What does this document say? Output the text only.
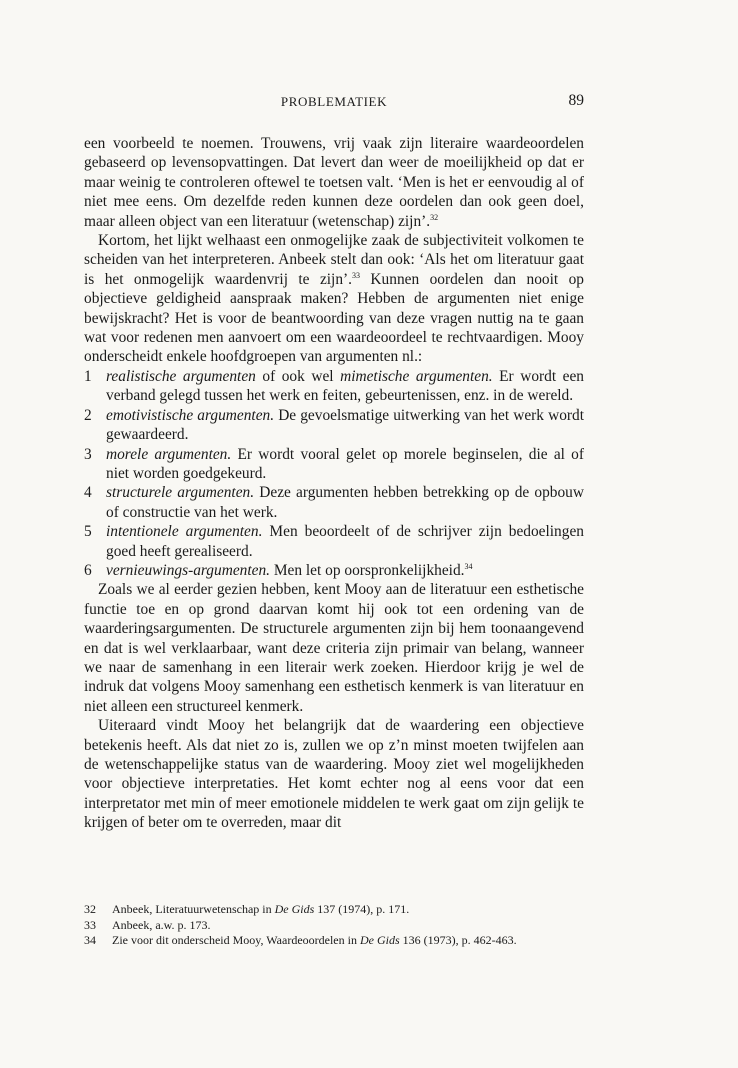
PROBLEMATIEK	89

een voorbeeld te noemen. Trouwens, vrij vaak zijn literaire waardeoordelen gebaseerd op levensopvattingen. Dat levert dan weer de moeilijkheid op dat er maar weinig te controleren oftewel te toetsen valt. ‘Men is het er eenvoudig al of niet mee eens. Om dezelfde reden kunnen deze oordelen dan ook geen doel, maar alleen object van een literatuur (wetenschap) zijn’.$^{32}$

Kortom, het lijkt welhaast een onmogelijke zaak de subjectiviteit volkomen te scheiden van het interpreteren. Anbeek stelt dan ook: ‘Als het om literatuur gaat is het onmogelijk waardenvrij te zijn’.$^{33}$ Kunnen oordelen dan nooit op objectieve geldigheid aanspraak maken? Hebben de argumenten niet enige bewijskracht? Het is voor de beantwoording van deze vragen nuttig na te gaan wat voor redenen men aanvoert om een waardeoordeel te rechtvaardigen. Mooy onderscheidt enkele hoofdgroepen van argumenten nl.:

1 realistische argumenten of ook wel mimetische argumenten. Er wordt een verband gelegd tussen het werk en feiten, gebeurtenissen, enz. in de wereld.
2 emotivistische argumenten. De gevoelsmatige uitwerking van het werk wordt gewaardeerd.
3 morele argumenten. Er wordt vooral gelet op morele beginselen, die al of niet worden goedgekeurd.
4 structurele argumenten. Deze argumenten hebben betrekking op de opbouw of constructie van het werk.
5 intentionele argumenten. Men beoordeelt of de schrijver zijn bedoelingen goed heeft gerealiseerd.
6 vernieuwings-argumenten. Men let op oorspronkelijkheid.$^{34}$

Zoals we al eerder gezien hebben, kent Mooy aan de literatuur een esthetische functie toe en op grond daarvan komt hij ook tot een ordening van de waarderingsargumenten. De structurele argumenten zijn bij hem toonaangevend en dat is wel verklaarbaar, want deze criteria zijn primair van belang, wanneer we naar de samenhang in een literair werk zoeken. Hierdoor krijg je wel de indruk dat volgens Mooy samenhang een esthetisch kenmerk is van literatuur en niet alleen een structureel kenmerk.

Uiteraard vindt Mooy het belangrijk dat de waardering een objectieve betekenis heeft. Als dat niet zo is, zullen we op z’n minst moeten twijfelen aan de wetenschappelijke status van de waardering. Mooy ziet wel mogelijkheden voor objectieve interpretaties. Het komt echter nog al eens voor dat een interpretator met min of meer emotionele middelen te werk gaat om zijn gelijk te krijgen of beter om te overreden, maar dit

32 Anbeek, Literatuurwetenschap in De Gids 137 (1974), p. 171.
33 Anbeek, a.w. p. 173.
34 Zie voor dit onderscheid Mooy, Waardeoordelen in De Gids 136 (1973), p. 462-463.
